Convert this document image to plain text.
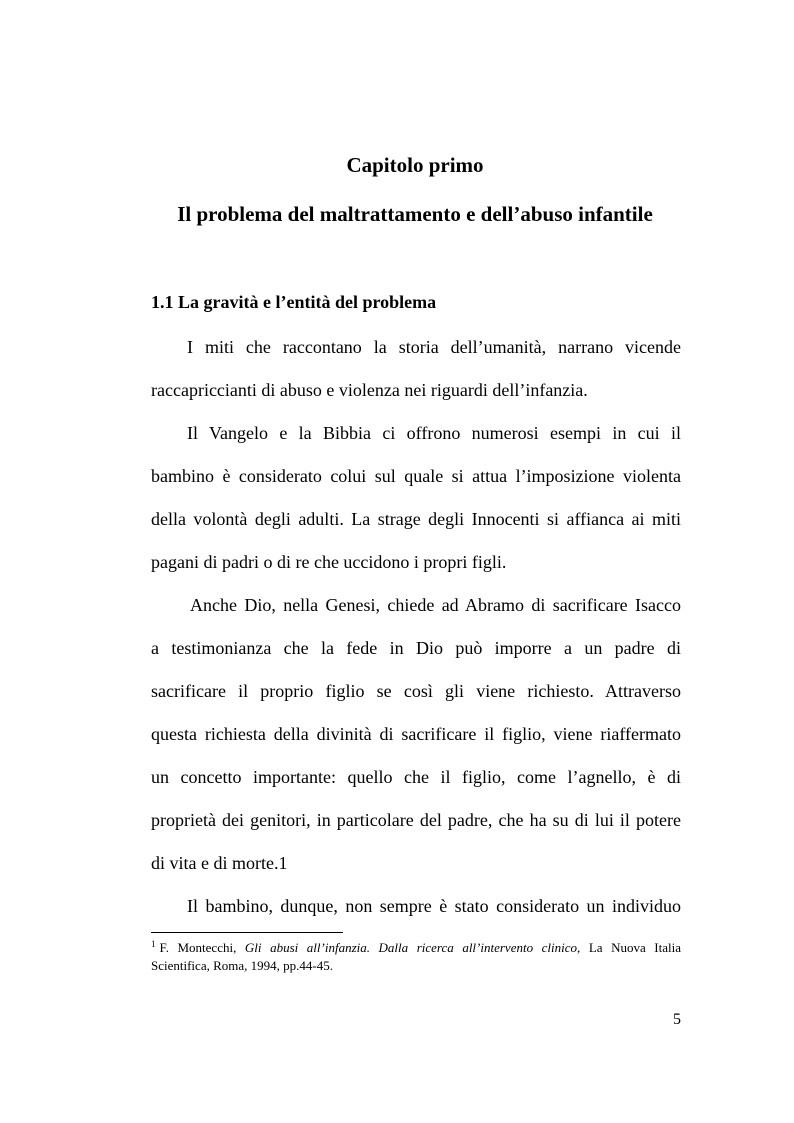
Capitolo primo
Il problema del maltrattamento e dell’abuso infantile
1.1 La gravità e l’entità del problema
I miti che raccontano la storia dell’umanità, narrano vicende
raccapriccianti di abuso e violenza nei riguardi dell’infanzia.
Il Vangelo e la Bibbia ci offrono numerosi esempi in cui il
bambino è considerato colui sul quale si attua l’imposizione violenta
della volontà degli adulti. La strage degli Innocenti si affianca ai miti
pagani di padri o di re che uccidono i propri figli.
Anche Dio, nella Genesi, chiede ad Abramo di sacrificare Isacco
a testimonianza che la fede in Dio può imporre a un padre di
sacrificare il proprio figlio se così gli viene richiesto. Attraverso
questa richiesta della divinità di sacrificare il figlio, viene riaffermato
un concetto importante: quello che il figlio, come l’agnello, è di
proprietà dei genitori, in particolare del padre, che ha su di lui il potere
di vita e di morte.1
Il bambino, dunque, non sempre è stato considerato un individuo
$^1$ F. Montecchi, Gli abusi all’infanzia. Dalla ricerca all’intervento clinico, La Nuova Italia
Scientifica, Roma, 1994, pp.44-45.
5
